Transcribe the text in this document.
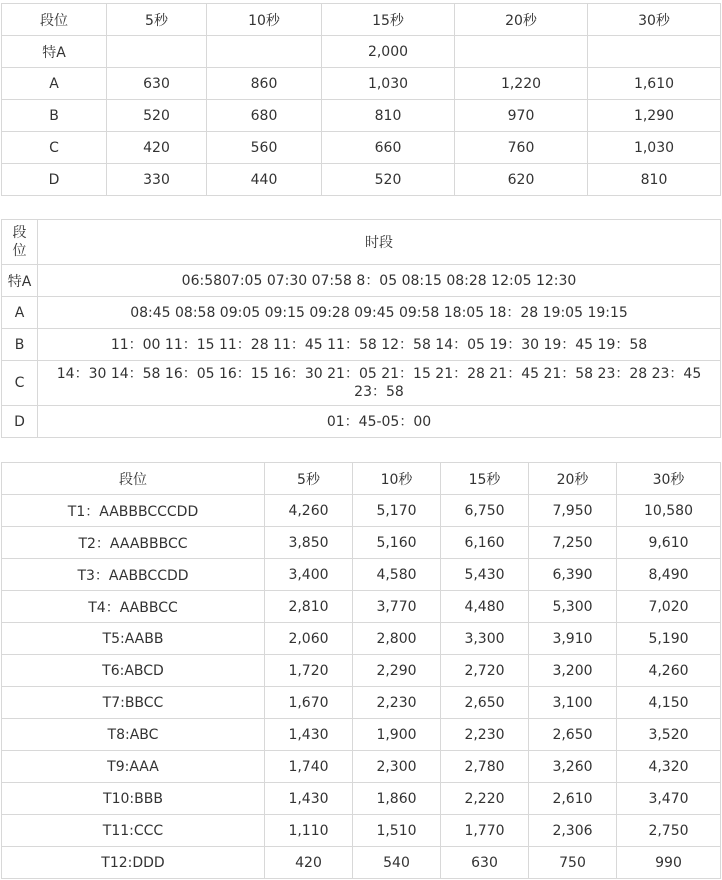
段位	5秒	10秒	15秒	20秒	30秒
特A			2,000		
A	630	860	1,030	1,220	1,610
B	520	680	810	970	1,290
C	420	560	660	760	1,030
D	330	440	520	620	810
段
位	时段
特A	06:5807:05 07:30 07:58 8：05 08:15 08:28 12:05 12:30
A	08:45 08:58 09:05 09:15 09:28 09:45 09:58 18:05 18：28 19:05 19:15
B	11：00 11：15 11：28 11：45 11：58 12：58 14：05 19：30 19：45 19：58
C	14：30 14：58 16：05 16：15 16：30 21：05 21：15 21：28 21：45 21：58 23：28 23：45 23：58
D	01：45-05：00
段位	5秒	10秒	15秒	20秒	30秒
T1：AABBBCCCDD	4,260	5,170	6,750	7,950	10,580
T2：AAABBBCC	3,850	5,160	6,160	7,250	9,610
T3：AABBCCDD	3,400	4,580	5,430	6,390	8,490
T4：AABBCC	2,810	3,770	4,480	5,300	7,020
T5:AABB	2,060	2,800	3,300	3,910	5,190
T6:ABCD	1,720	2,290	2,720	3,200	4,260
T7:BBCC	1,670	2,230	2,650	3,100	4,150
T8:ABC	1,430	1,900	2,230	2,650	3,520
T9:AAA	1,740	2,300	2,780	3,260	4,320
T10:BBB	1,430	1,860	2,220	2,610	3,470
T11:CCC	1,110	1,510	1,770	2,306	2,750
T12:DDD	420	540	630	750	990
